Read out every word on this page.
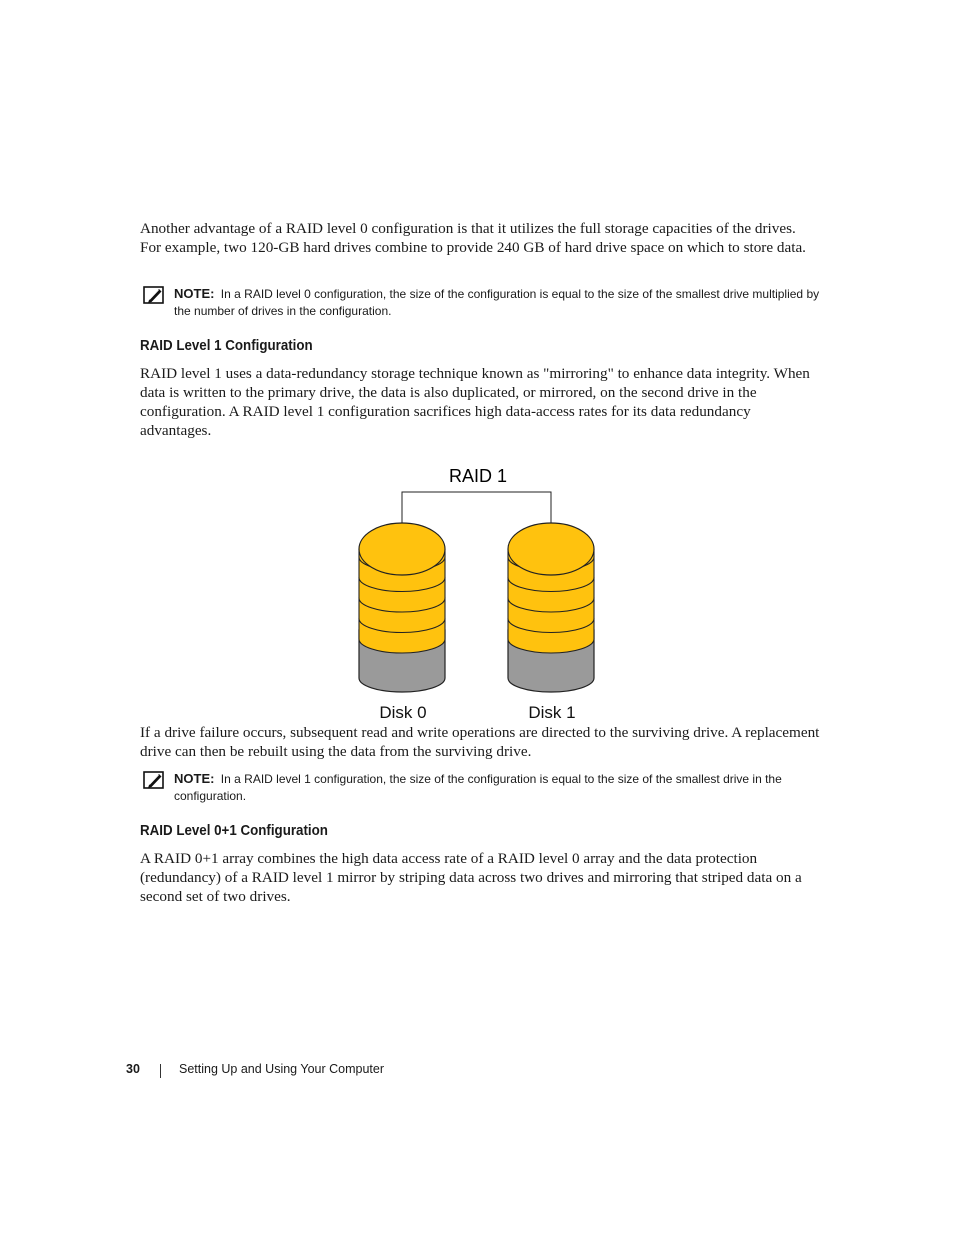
Another advantage of a RAID level 0 configuration is that it utilizes the full storage capacities of the drives. For example, two 120-GB hard drives combine to provide 240 GB of hard drive space on which to store data.

NOTE: In a RAID level 0 configuration, the size of the configuration is equal to the size of the smallest drive multiplied by the number of drives in the configuration.
RAID Level 1 Configuration

RAID level 1 uses a data-redundancy storage technique known as "mirroring" to enhance data integrity. When data is written to the primary drive, the data is also duplicated, or mirrored, on the second drive in the configuration. A RAID level 1 configuration sacrifices high data-access rates for its data redundancy advantages.

RAID 1
Disk 0	Disk 1

If a drive failure occurs, subsequent read and write operations are directed to the surviving drive. A replacement drive can then be rebuilt using the data from the surviving drive.

NOTE: In a RAID level 1 configuration, the size of the configuration is equal to the size of the smallest drive in the configuration.
RAID Level 0+1 Configuration

A RAID 0+1 array combines the high data access rate of a RAID level 0 array and the data protection (redundancy) of a RAID level 1 mirror by striping data across two drives and mirroring that striped data on a second set of two drives.

30	Setting Up and Using Your Computer
